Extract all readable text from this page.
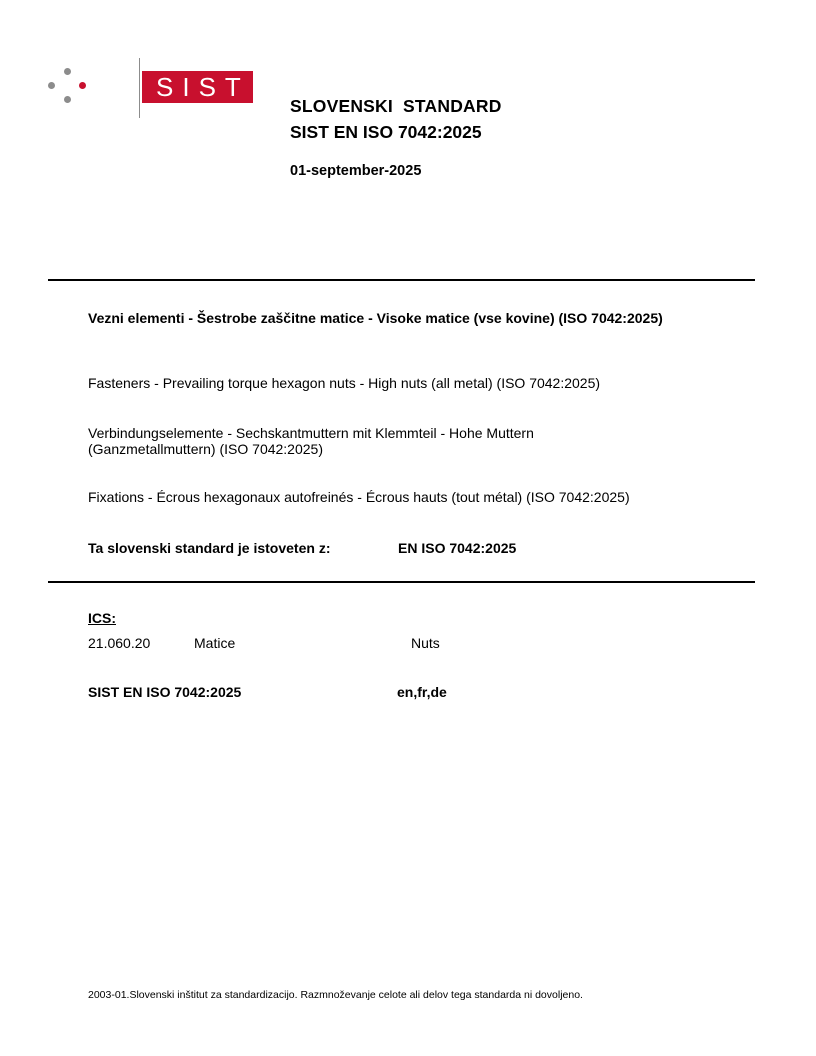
SIST
SLOVENSKI  STANDARD
SIST EN ISO 7042:2025
01-september-2025
Vezni elementi - Šestrobe zaščitne matice - Visoke matice (vse kovine) (ISO 7042:2025)
Fasteners - Prevailing torque hexagon nuts - High nuts (all metal) (ISO 7042:2025)
Verbindungselemente - Sechskantmuttern mit Klemmteil - Hohe Muttern (Ganzmetallmuttern) (ISO 7042:2025)
Fixations - Écrous hexagonaux autofreinés - Écrous hauts (tout métal) (ISO 7042:2025)
Ta slovenski standard je istoveten z:	EN ISO 7042:2025
ICS:
21.060.20	Matice	Nuts
SIST EN ISO 7042:2025	en,fr,de
2003-01.Slovenski inštitut za standardizacijo. Razmnoževanje celote ali delov tega standarda ni dovoljeno.
